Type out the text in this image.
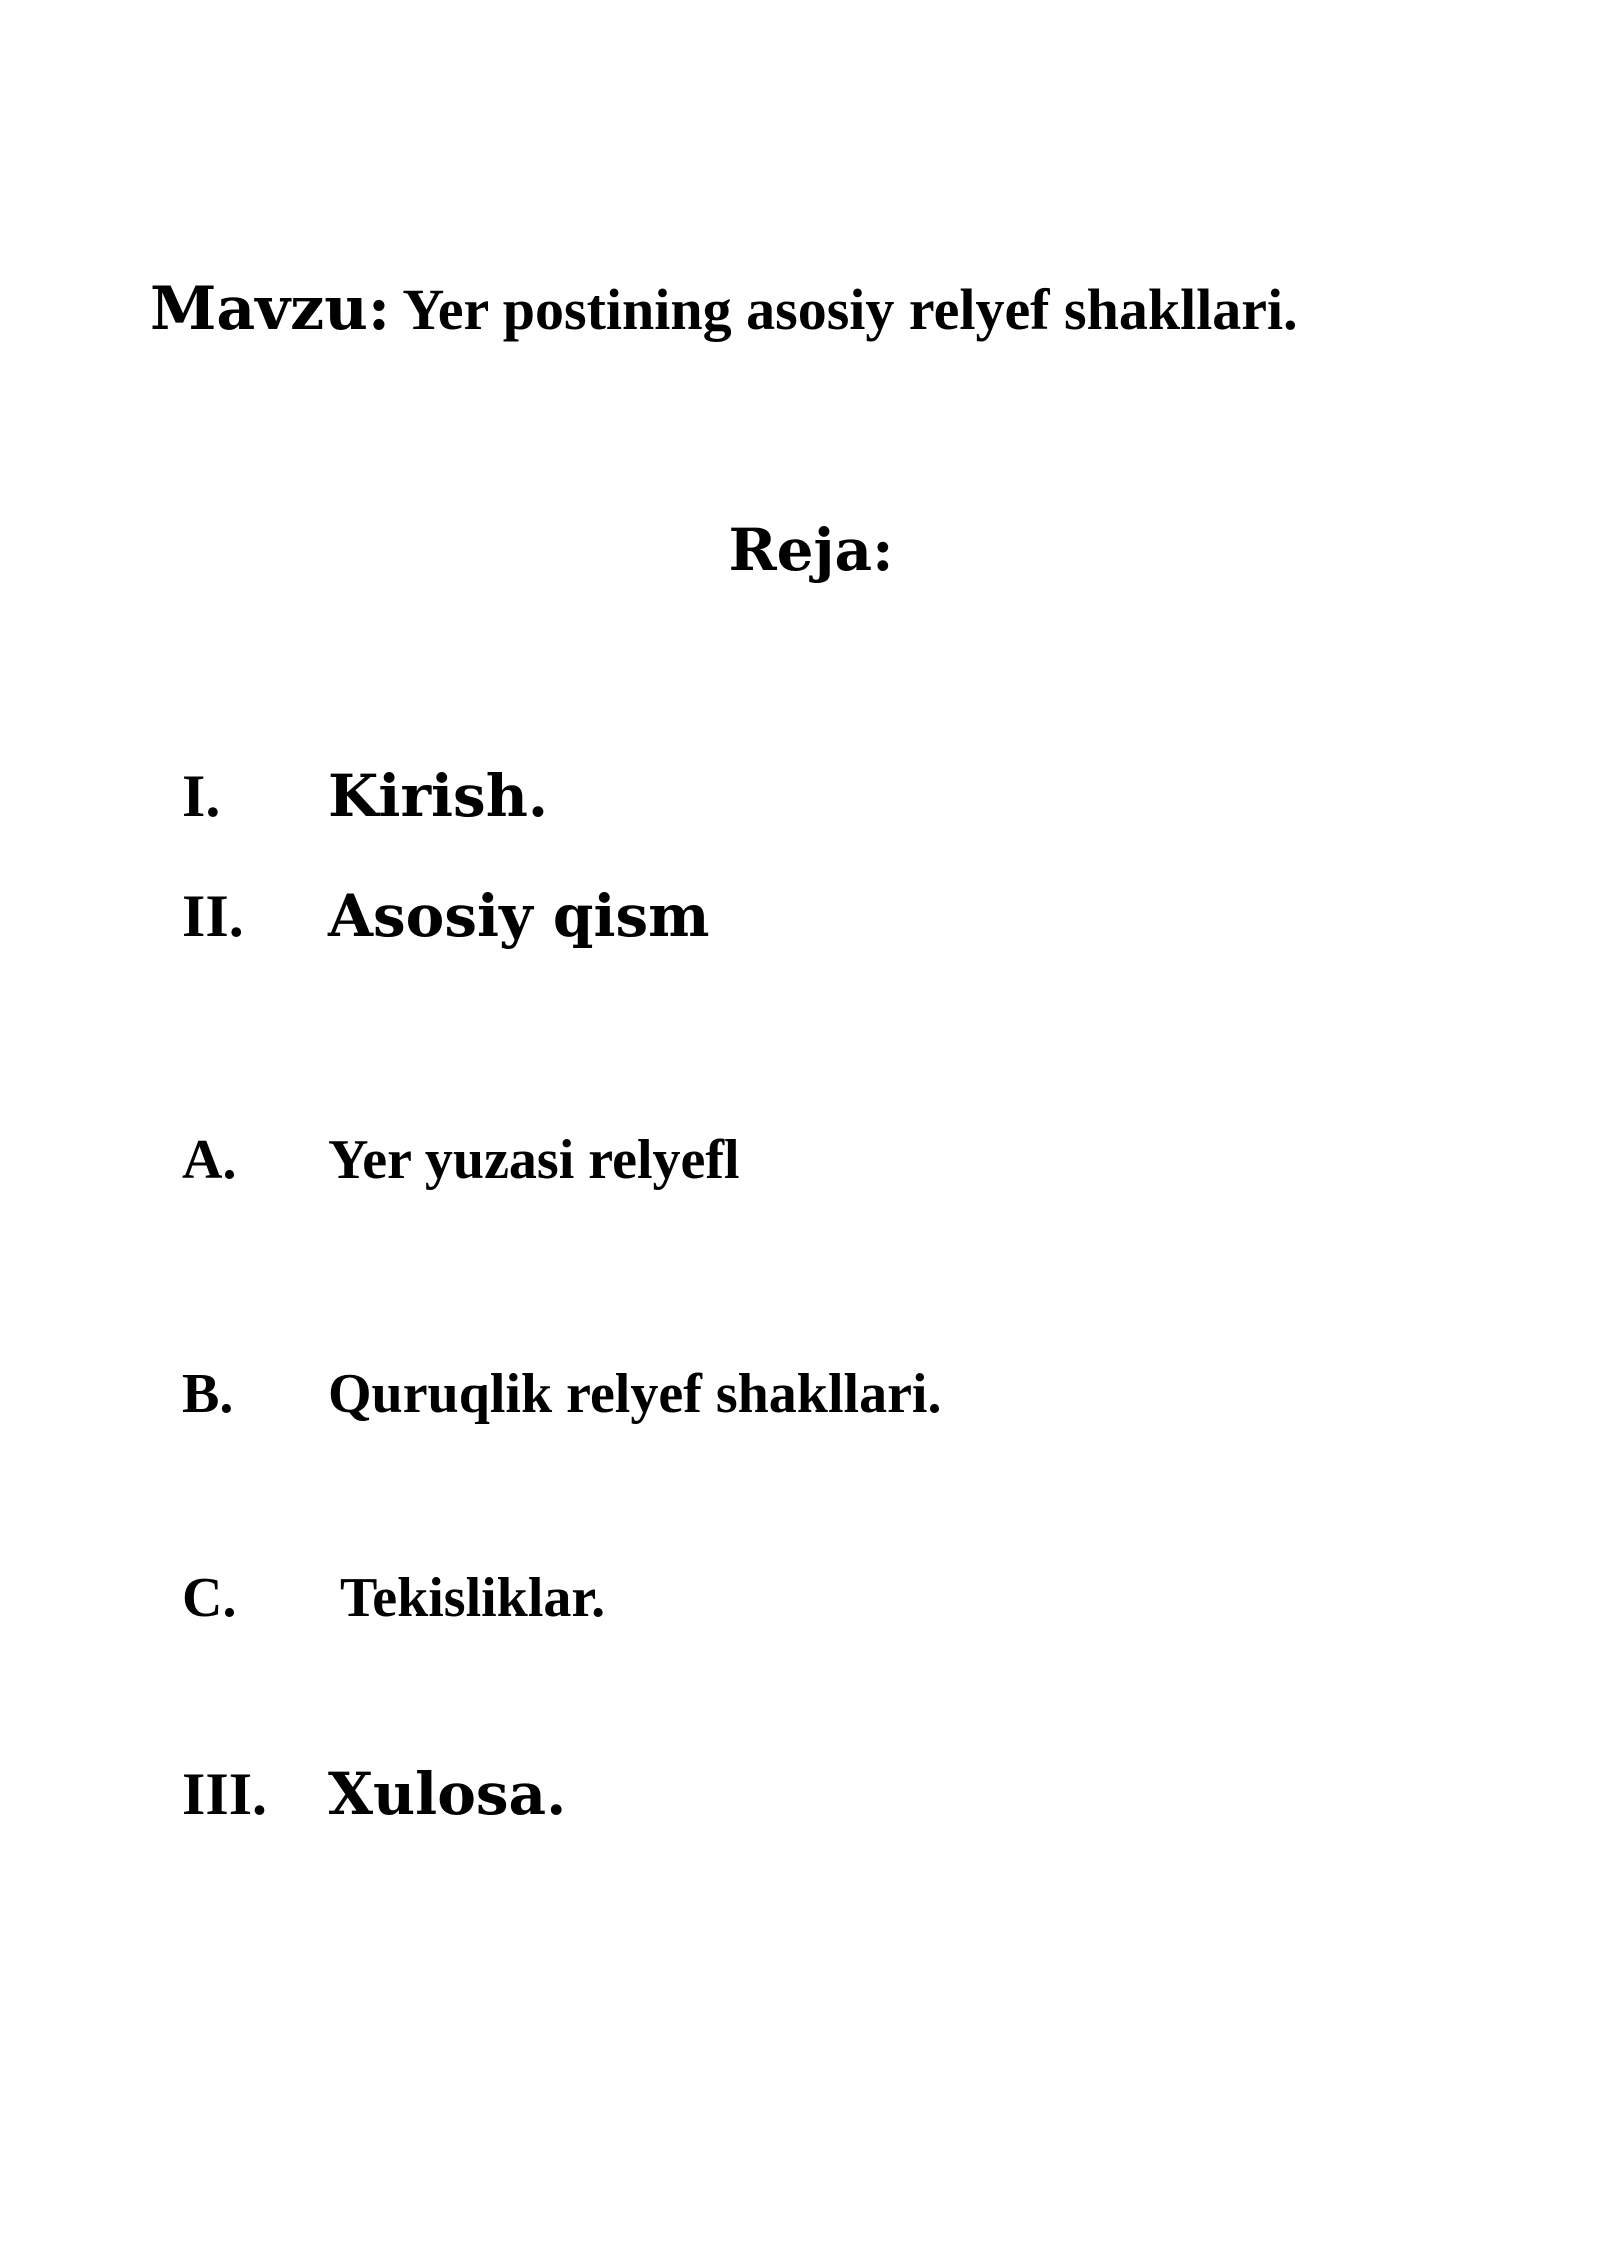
Mavzu: Yer postining asosiy relyef shakllari.
Reja:
I. Kirish.
II. Asosiy qism
A. Yer yuzasi relyefl
B. Quruqlik relyef shakllari.
C. Tekisliklar.
III. Xulosa.
